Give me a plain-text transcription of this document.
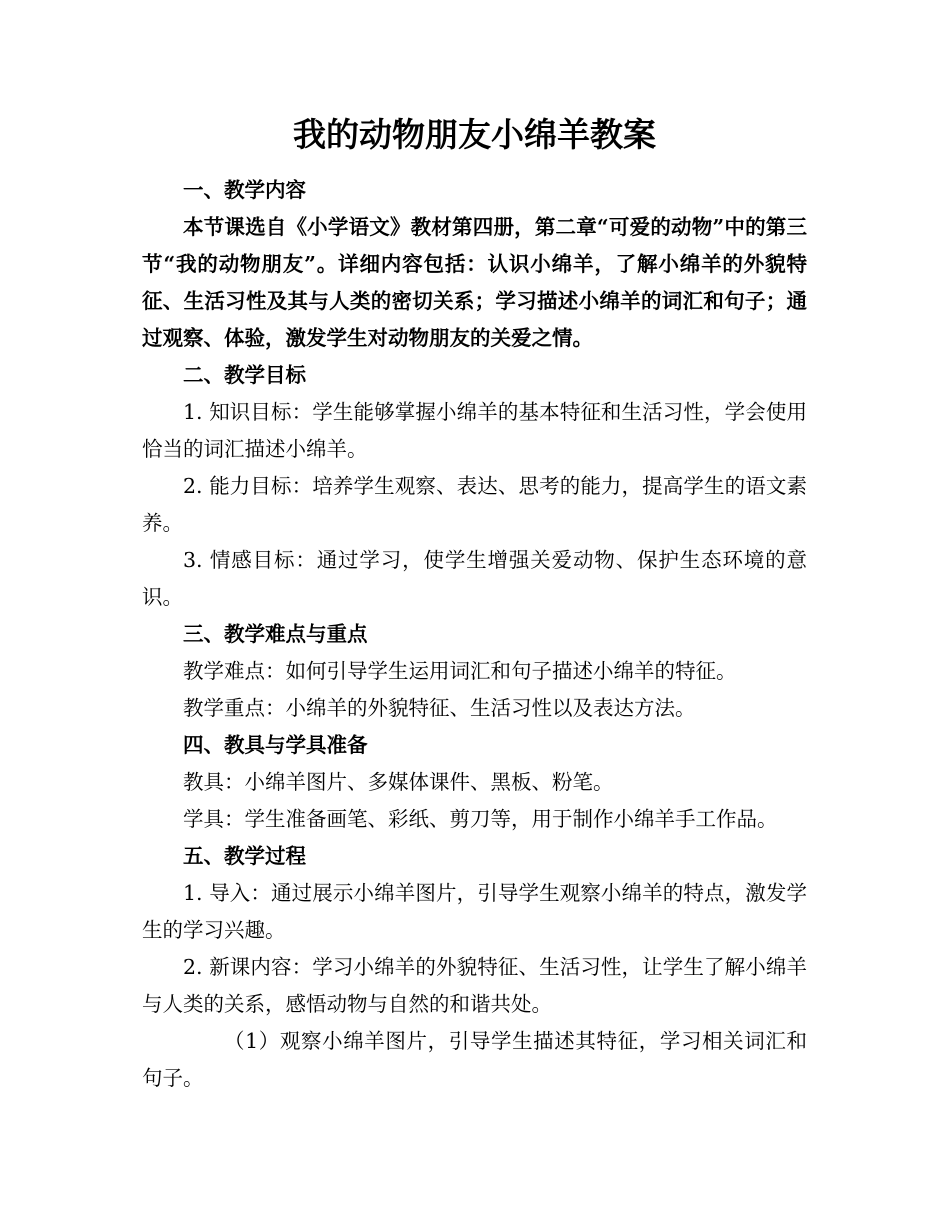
我的动物朋友小绵羊教案

一、教学内容

本节课选自《小学语文》教材第四册，第二章“可爱的动物”中的第三节“我的动物朋友”。详细内容包括：认识小绵羊，了解小绵羊的外貌特征、生活习性及其与人类的密切关系；学习描述小绵羊的词汇和句子；通过观察、体验，激发学生对动物朋友的关爱之情。

二、教学目标

1. 知识目标：学生能够掌握小绵羊的基本特征和生活习性，学会使用恰当的词汇描述小绵羊。

2. 能力目标：培养学生观察、表达、思考的能力，提高学生的语文素养。

3. 情感目标：通过学习，使学生增强关爱动物、保护生态环境的意识。

三、教学难点与重点

教学难点：如何引导学生运用词汇和句子描述小绵羊的特征。

教学重点：小绵羊的外貌特征、生活习性以及表达方法。

四、教具与学具准备

教具：小绵羊图片、多媒体课件、黑板、粉笔。

学具：学生准备画笔、彩纸、剪刀等，用于制作小绵羊手工作品。

五、教学过程

1. 导入：通过展示小绵羊图片，引导学生观察小绵羊的特点，激发学生的学习兴趣。

2. 新课内容：学习小绵羊的外貌特征、生活习性，让学生了解小绵羊与人类的关系，感悟动物与自然的和谐共处。

（1）观察小绵羊图片，引导学生描述其特征，学习相关词汇和句子。
